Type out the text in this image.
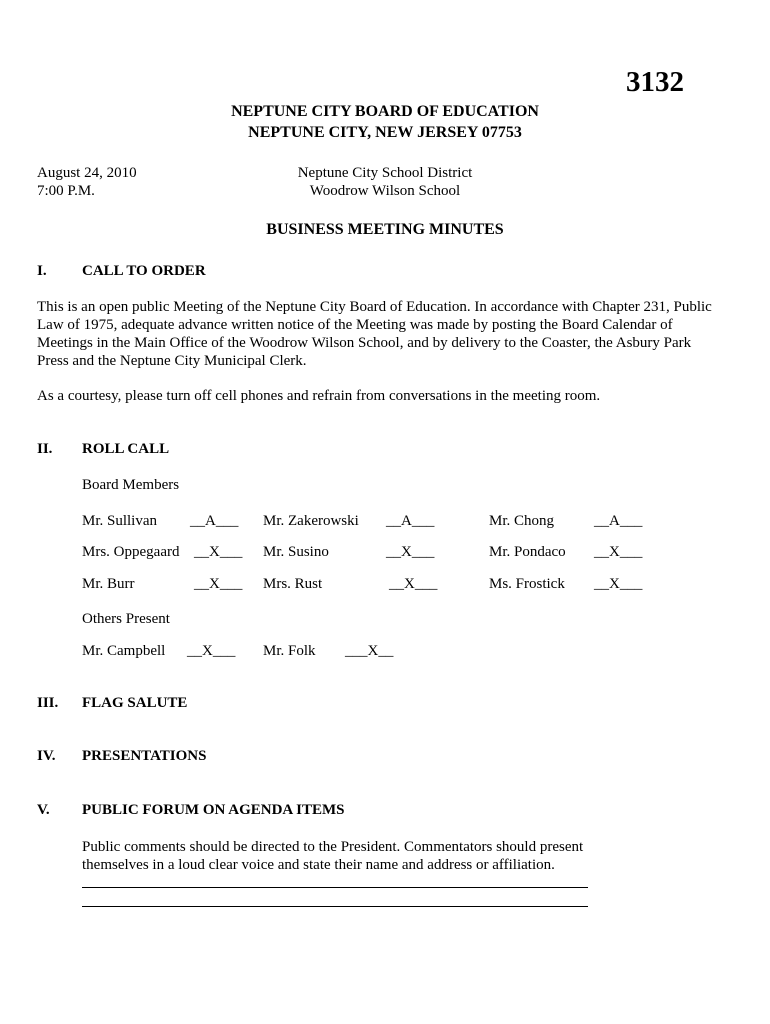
3132
NEPTUNE CITY BOARD OF EDUCATION
NEPTUNE CITY, NEW JERSEY 07753
August 24, 2010
7:00 P.M.
Neptune City School District
Woodrow Wilson School
BUSINESS MEETING MINUTES
I. CALL TO ORDER
This is an open public Meeting of the Neptune City Board of Education. In accordance with Chapter 231, Public
Law of 1975, adequate advance written notice of the Meeting was made by posting the Board Calendar of
Meetings in the Main Office of the Woodrow Wilson School, and by delivery to the Coaster, the Asbury Park
Press and the Neptune City Municipal Clerk.
As a courtesy, please turn off cell phones and refrain from conversations in the meeting room.
II. ROLL CALL
Board Members
Mr. Sullivan __A___ Mr. Zakerowski __A___	Mr. Chong	__A___
Mrs. Oppegaard __X___ Mr. Susino	__X___	Mr. Pondaco __X___
Mr. Burr	__X___ Mrs. Rust	__X___	Ms. Frostick __X___
Others Present
Mr. Campbell __X___ Mr. Folk ___X__
III. FLAG SALUTE
IV. PRESENTATIONS
V. PUBLIC FORUM ON AGENDA ITEMS
Public comments should be directed to the President. Commentators should present
themselves in a loud clear voice and state their name and address or affiliation.
